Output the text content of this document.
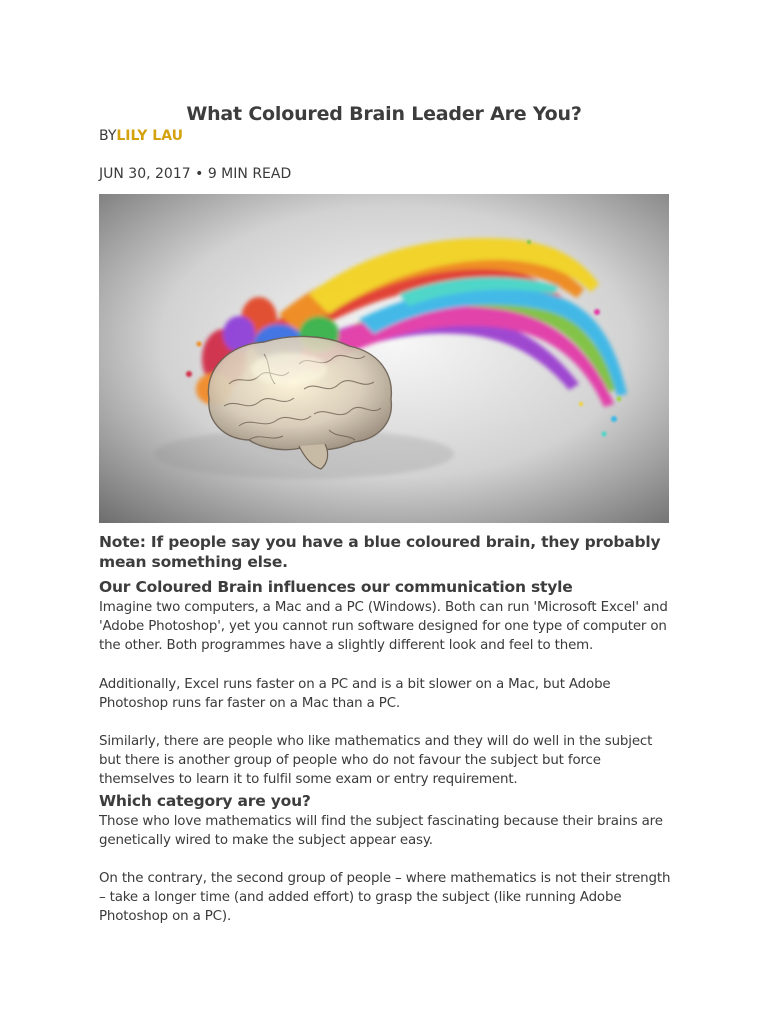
What Coloured Brain Leader Are You?
BYLILY LAU
JUN 30, 2017 • 9 MIN READ

Note: If people say you have a blue coloured brain, they probably mean something else.

Our Coloured Brain influences our communication style

Imagine two computers, a Mac and a PC (Windows). Both can run 'Microsoft Excel' and 'Adobe Photoshop', yet you cannot run software designed for one type of computer on the other. Both programmes have a slightly different look and feel to them.

Additionally, Excel runs faster on a PC and is a bit slower on a Mac, but Adobe Photoshop runs far faster on a Mac than a PC.

Similarly, there are people who like mathematics and they will do well in the subject but there is another group of people who do not favour the subject but force themselves to learn it to fulfil some exam or entry requirement.

Which category are you?

Those who love mathematics will find the subject fascinating because their brains are genetically wired to make the subject appear easy.

On the contrary, the second group of people – where mathematics is not their strength – take a longer time (and added effort) to grasp the subject (like running Adobe Photoshop on a PC).
